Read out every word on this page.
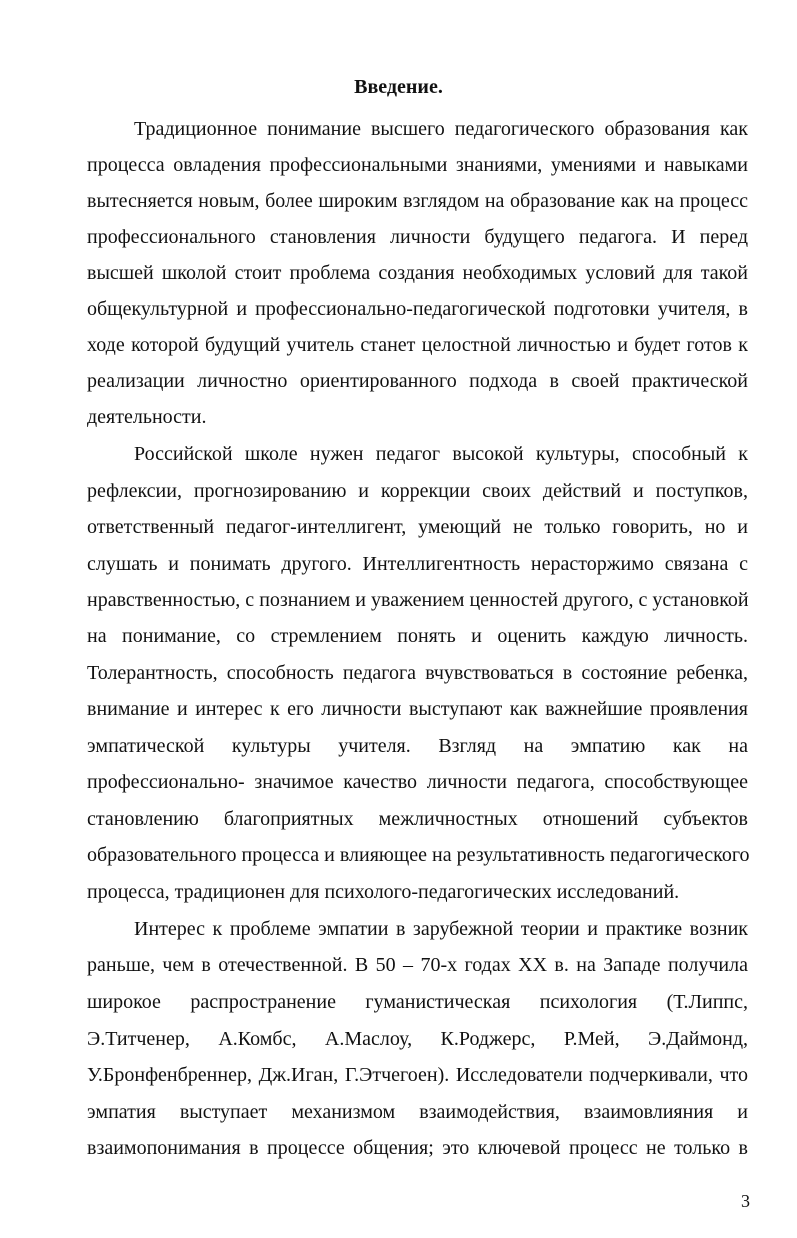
Введение.

Традиционное понимание высшего педагогического образования как

процесса овладения профессиональными знаниями, умениями и навыками

вытесняется новым, более широким взглядом на образование как на процесс

профессионального становления личности будущего педагога. И перед

высшей школой стоит проблема создания необходимых условий для такой

общекультурной и профессионально-педагогической подготовки учителя, в

ходе которой будущий учитель станет целостной личностью и будет готов к

реализации личностно ориентированного подхода в своей практической

деятельности.

Российской школе нужен педагог высокой культуры, способный к

рефлексии, прогнозированию и коррекции своих действий и поступков,

ответственный педагог-интеллигент, умеющий не только говорить, но и

слушать и понимать другого. Интеллигентность нерасторжимо связана с

нравственностью, с познанием и уважением ценностей другого, с установкой

на понимание, со стремлением понять и оценить каждую личность.

Толерантность, способность педагога вчувствоваться в состояние ребенка,

внимание и интерес к его личности выступают как важнейшие проявления

эмпатической культуры учителя. Взгляд на эмпатию как на

профессионально- значимое качество личности педагога, способствующее

становлению благоприятных межличностных отношений субъектов

образовательного процесса и влияющее на результативность педагогического

процесса, традиционен для психолого-педагогических исследований.

Интерес к проблеме эмпатии в зарубежной теории и практике возник

раньше, чем в отечественной. В 50 – 70-х годах XX в. на Западе получила

широкое распространение гуманистическая психология (Т.Липпс,

Э.Титченер, А.Комбс, А.Маслоу, К.Роджерс, Р.Мей, Э.Даймонд,

У.Бронфенбреннер, Дж.Иган, Г.Этчегоен). Исследователи подчеркивали, что

эмпатия выступает механизмом взаимодействия, взаимовлияния и

взаимопонимания в процессе общения; это ключевой процесс не только в

3
